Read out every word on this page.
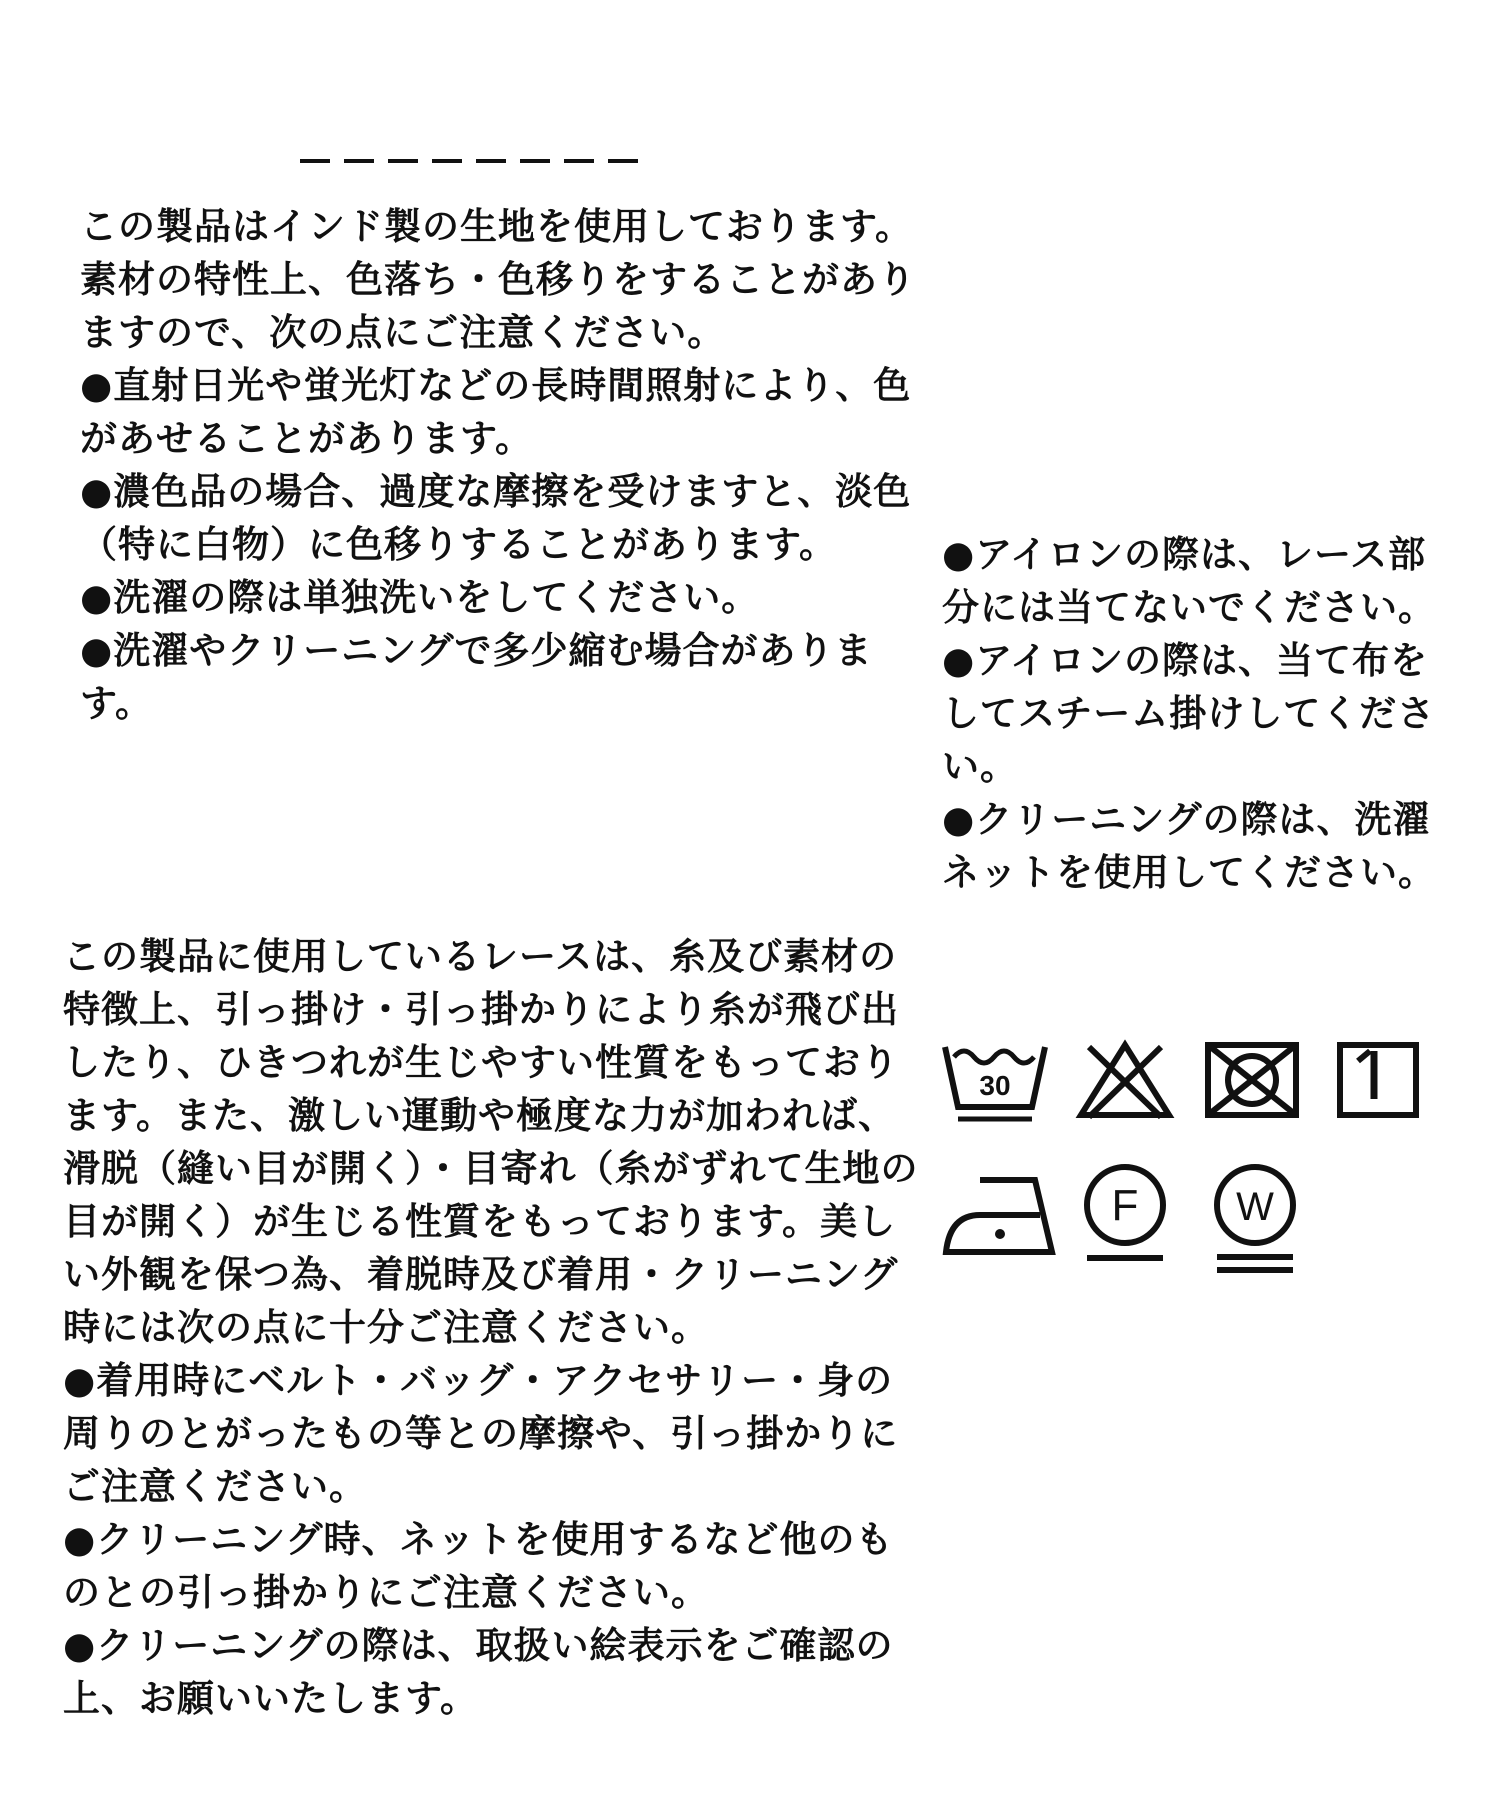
この製品はインド製の生地を使用しております。素材の特性上、色落ち・色移りをすることがありますので、次の点にご注意ください。

●直射日光や蛍光灯などの長時間照射により、色があせることがあります。

●濃色品の場合、過度な摩擦を受けますと、淡色（特に白物）に色移りすることがあります。

●洗濯の際は単独洗いをしてください。

●洗濯やクリーニングで多少縮む場合があります。

●アイロンの際は、レース部分には当てないでください。

●アイロンの際は、当て布をしてスチーム掛けしてください。

●クリーニングの際は、洗濯ネットを使用してください。

この製品に使用しているレースは、糸及び素材の特徴上、引っ掛け・引っ掛かりにより糸が飛び出したり、ひきつれが生じやすい性質をもっております。また、激しい運動や極度な力が加われば、滑脱（縫い目が開く）・目寄れ（糸がずれて生地の目が開く）が生じる性質をもっております。美しい外観を保つ為、着脱時及び着用・クリーニング時には次の点に十分ご注意ください。

●着用時にベルト・バッグ・アクセサリー・身の周りのとがったもの等との摩擦や、引っ掛かりにご注意ください。

●クリーニング時、ネットを使用するなど他のものとの引っ掛かりにご注意ください。

●クリーニングの際は、取扱い絵表示をご確認の上、お願いいたします。

30
F W
